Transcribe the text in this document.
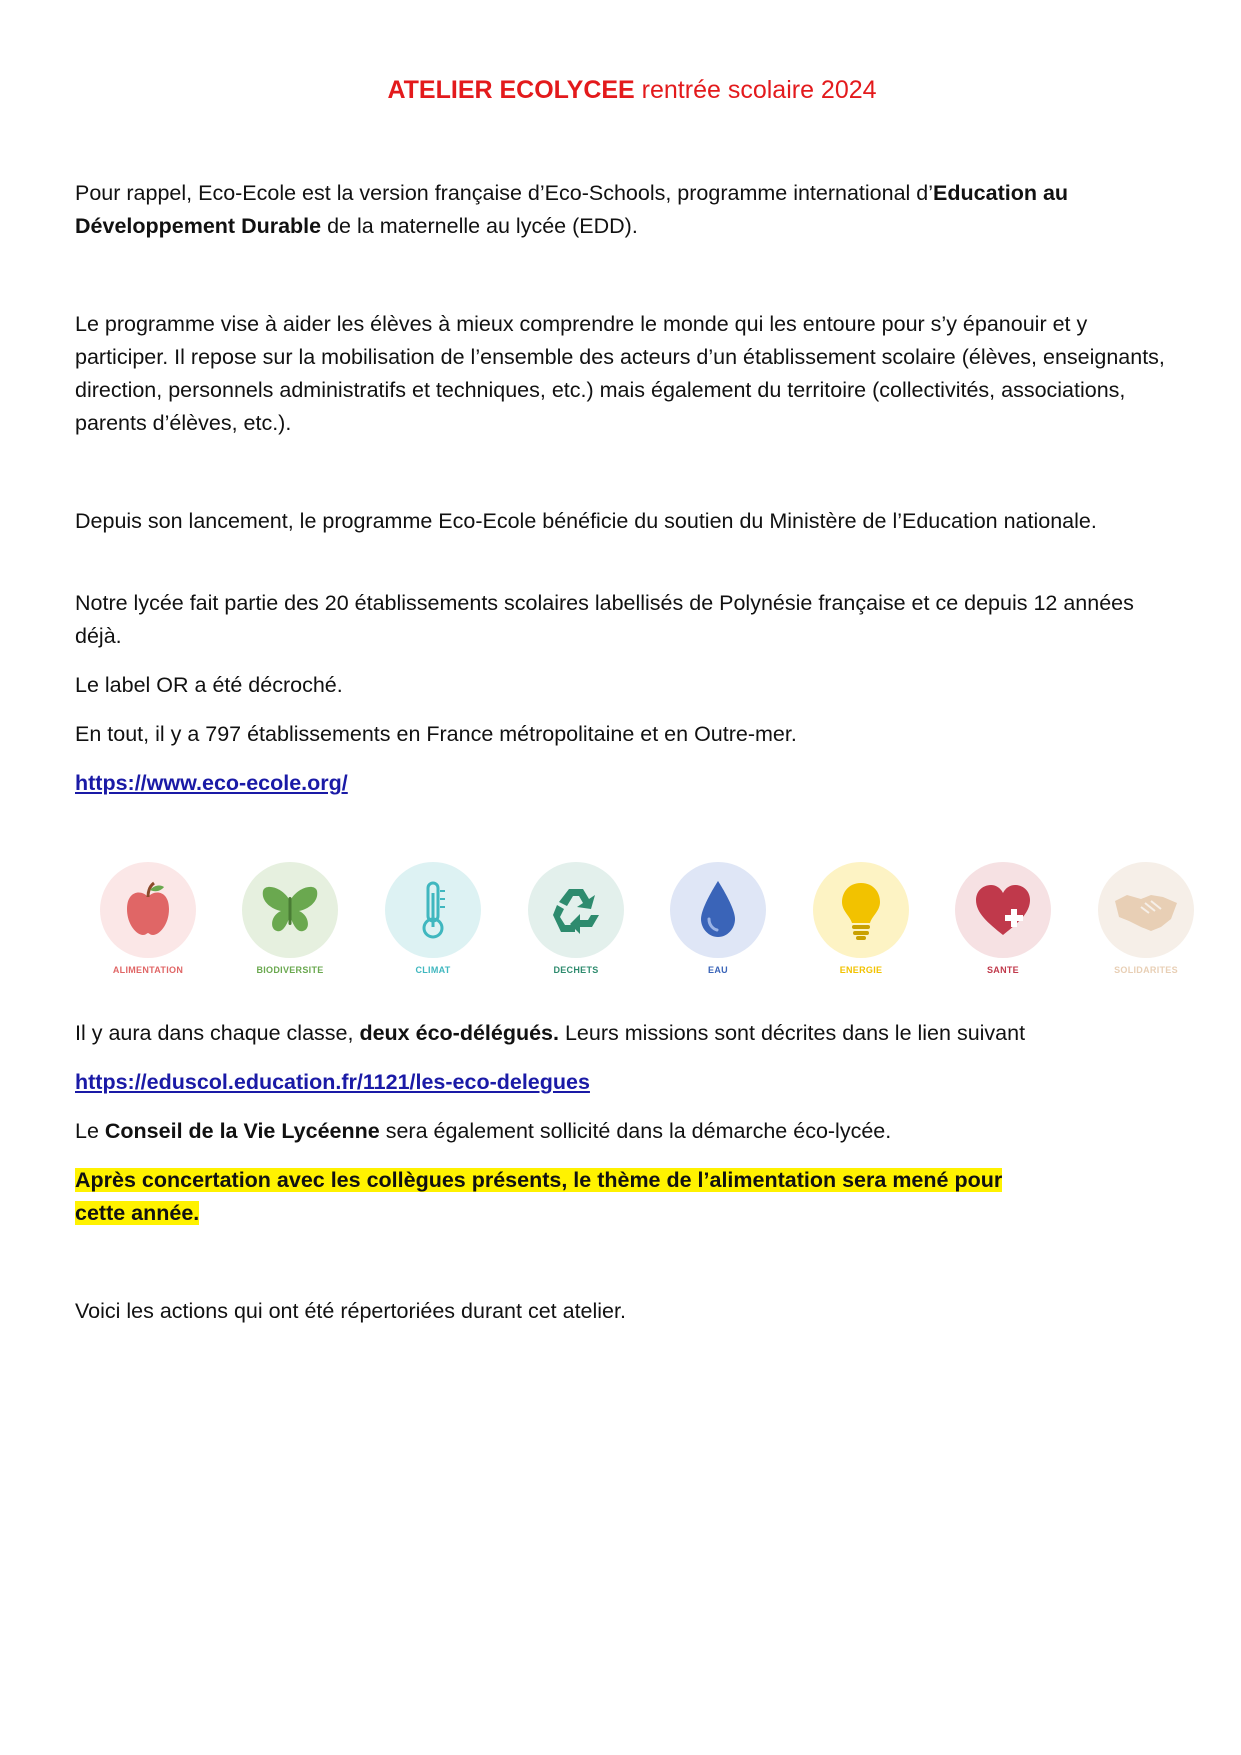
ATELIER ECOLYCEE rentrée scolaire 2024

Pour rappel, Eco-Ecole est la version française d’Eco-Schools, programme international d’Education au Développement Durable de la maternelle au lycée (EDD).

Le programme vise à aider les élèves à mieux comprendre le monde qui les entoure pour s’y épanouir et y participer. Il repose sur la mobilisation de l’ensemble des acteurs d’un établissement scolaire (élèves, enseignants, direction, personnels administratifs et techniques, etc.) mais également du territoire (collectivités, associations, parents d’élèves, etc.).

Depuis son lancement, le programme Eco-Ecole bénéficie du soutien du Ministère de l’Education nationale.

Notre lycée fait partie des 20 établissements scolaires labellisés de Polynésie française et ce depuis 12 années déjà.

Le label OR a été décroché.

En tout, il y a 797 établissements en France métropolitaine et en Outre-mer.

https://www.eco-ecole.org/

ALIMENTATION	BIODIVERSITE	CLIMAT	DECHETS	EAU	ENERGIE	SANTE	SOLIDARITES

Il y aura dans chaque classe, deux éco-délégués. Leurs missions sont décrites dans le lien suivant

https://eduscol.education.fr/1121/les-eco-delegues

Le Conseil de la Vie Lycéenne sera également sollicité dans la démarche éco-lycée.

Après concertation avec les collègues présents, le thème de l’alimentation sera mené pour
cette année.

Voici les actions qui ont été répertoriées durant cet atelier.
